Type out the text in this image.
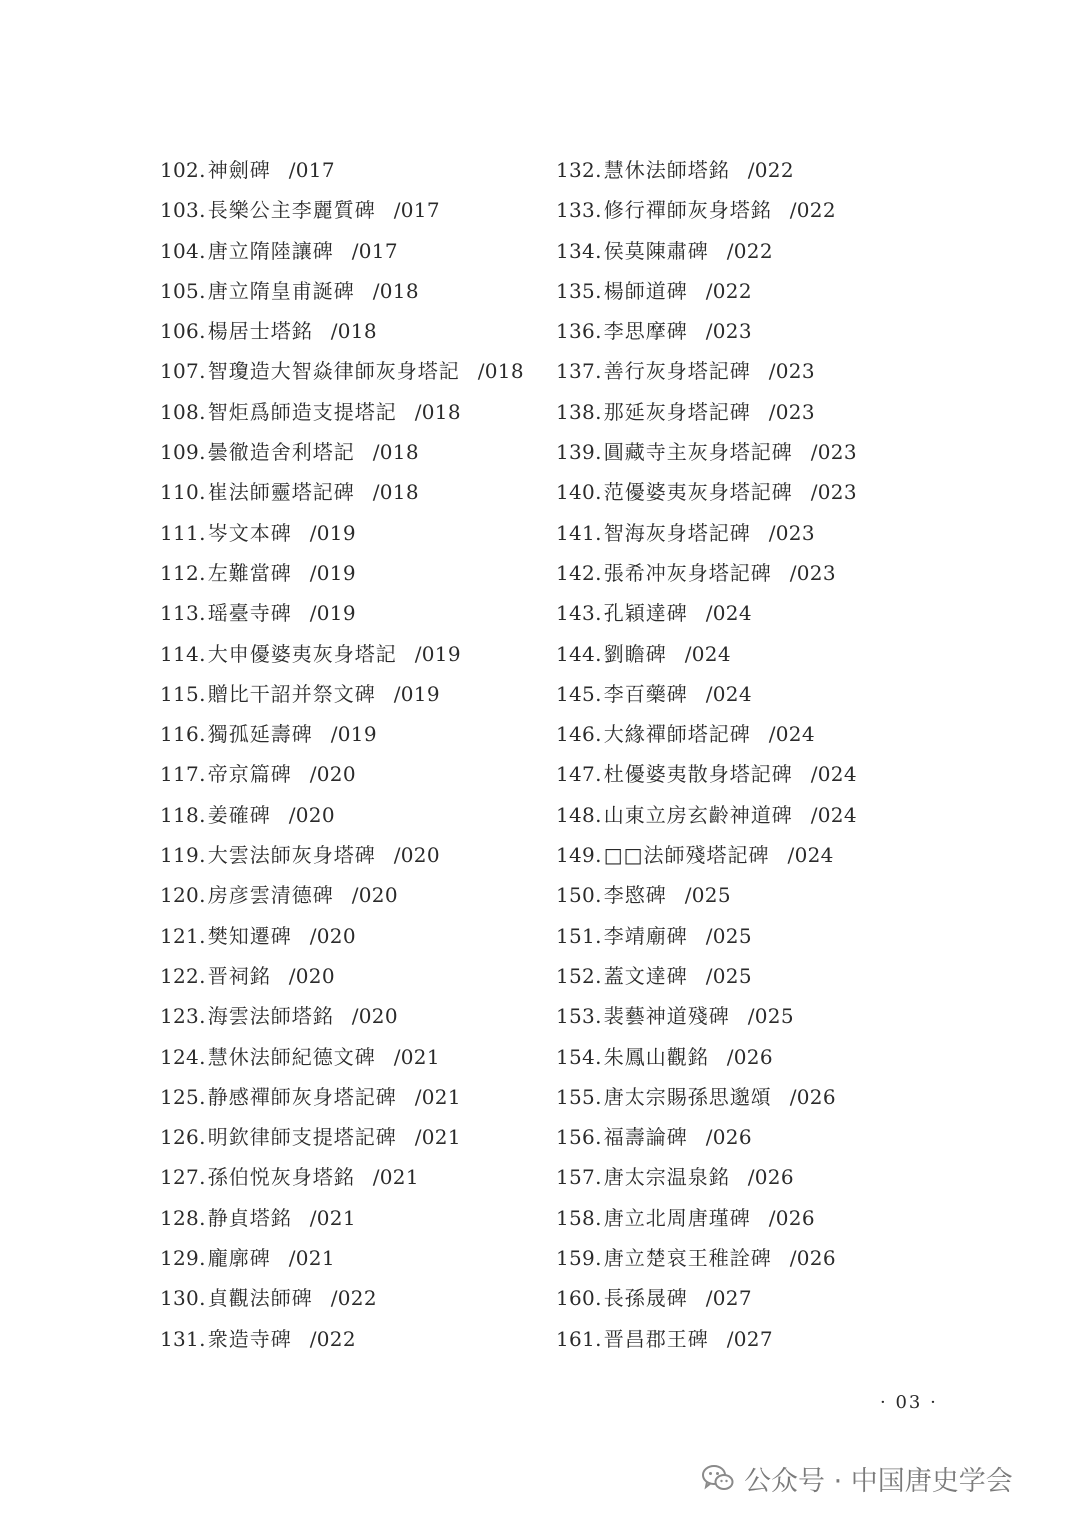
102. 神劍碑 /017
103. 長樂公主李麗質碑 /017
104. 唐立隋陸讓碑 /017
105. 唐立隋皇甫誕碑 /018
106. 楊居士塔銘 /018
107. 智瓊造大智焱律師灰身塔記 /018
108. 智炬爲師造支提塔記 /018
109. 曇徹造舍利塔記 /018
110. 崔法師靈塔記碑 /018
111. 岑文本碑 /019
112. 左難當碑 /019
113. 瑶臺寺碑 /019
114. 大申優婆夷灰身塔記 /019
115. 贈比干詔并祭文碑 /019
116. 獨孤延壽碑 /019
117. 帝京篇碑 /020
118. 姜確碑 /020
119. 大雲法師灰身塔碑 /020
120. 房彦雲清德碑 /020
121. 樊知遷碑 /020
122. 晋祠銘 /020
123. 海雲法師塔銘 /020
124. 慧休法師紀德文碑 /021
125. 静感禪師灰身塔記碑 /021
126. 明欽律師支提塔記碑 /021
127. 孫伯悦灰身塔銘 /021
128. 静貞塔銘 /021
129. 龐廓碑 /021
130. 貞觀法師碑 /022
131. 衆造寺碑 /022
132. 慧休法師塔銘 /022
133. 修行禪師灰身塔銘 /022
134. 侯莫陳肅碑 /022
135. 楊師道碑 /022
136. 李思摩碑 /023
137. 善行灰身塔記碑 /023
138. 那延灰身塔記碑 /023
139. 圓藏寺主灰身塔記碑 /023
140. 范優婆夷灰身塔記碑 /023
141. 智海灰身塔記碑 /023
142. 張希冲灰身塔記碑 /023
143. 孔穎達碑 /024
144. 劉瞻碑 /024
145. 李百藥碑 /024
146. 大緣禪師塔記碑 /024
147. 杜優婆夷散身塔記碑 /024
148. 山東立房玄齡神道碑 /024
149. □□法師殘塔記碑 /024
150. 李愍碑 /025
151. 李靖廟碑 /025
152. 蓋文達碑 /025
153. 裴藝神道殘碑 /025
154. 朱鳳山觀銘 /026
155. 唐太宗賜孫思邈頌 /026
156. 福壽論碑 /026
157. 唐太宗温泉銘 /026
158. 唐立北周唐瑾碑 /026
159. 唐立楚哀王稚詮碑 /026
160. 長孫晟碑 /027
161. 晋昌郡王碑 /027
· 03 ·
公众号 · 中国唐史学会
